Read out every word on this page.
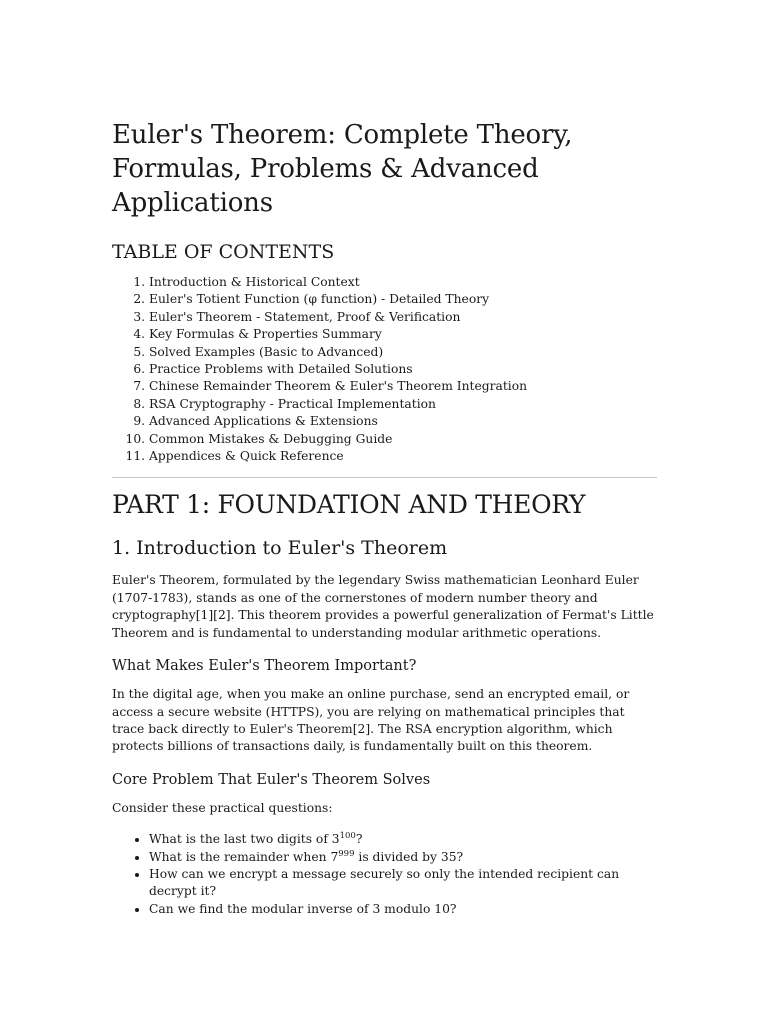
Euler's Theorem: Complete Theory, Formulas, Problems & Advanced Applications
TABLE OF CONTENTS
1. Introduction & Historical Context
2. Euler's Totient Function (φ function) - Detailed Theory
3. Euler's Theorem - Statement, Proof & Verification
4. Key Formulas & Properties Summary
5. Solved Examples (Basic to Advanced)
6. Practice Problems with Detailed Solutions
7. Chinese Remainder Theorem & Euler's Theorem Integration
8. RSA Cryptography - Practical Implementation
9. Advanced Applications & Extensions
10. Common Mistakes & Debugging Guide
11. Appendices & Quick Reference
PART 1: FOUNDATION AND THEORY
1. Introduction to Euler's Theorem

Euler's Theorem, formulated by the legendary Swiss mathematician Leonhard Euler (1707-1783), stands as one of the cornerstones of modern number theory and cryptography[1][2]. This theorem provides a powerful generalization of Fermat's Little Theorem and is fundamental to understanding modular arithmetic operations.

What Makes Euler's Theorem Important?

In the digital age, when you make an online purchase, send an encrypted email, or access a secure website (HTTPS), you are relying on mathematical principles that trace back directly to Euler's Theorem[2]. The RSA encryption algorithm, which protects billions of transactions daily, is fundamentally built on this theorem.

Core Problem That Euler's Theorem Solves

Consider these practical questions:

• What is the last two digits of $3^{100}$?
• What is the remainder when $7^{999}$ is divided by 35?
• How can we encrypt a message securely so only the intended recipient can decrypt it?
• Can we find the modular inverse of 3 modulo 10?
